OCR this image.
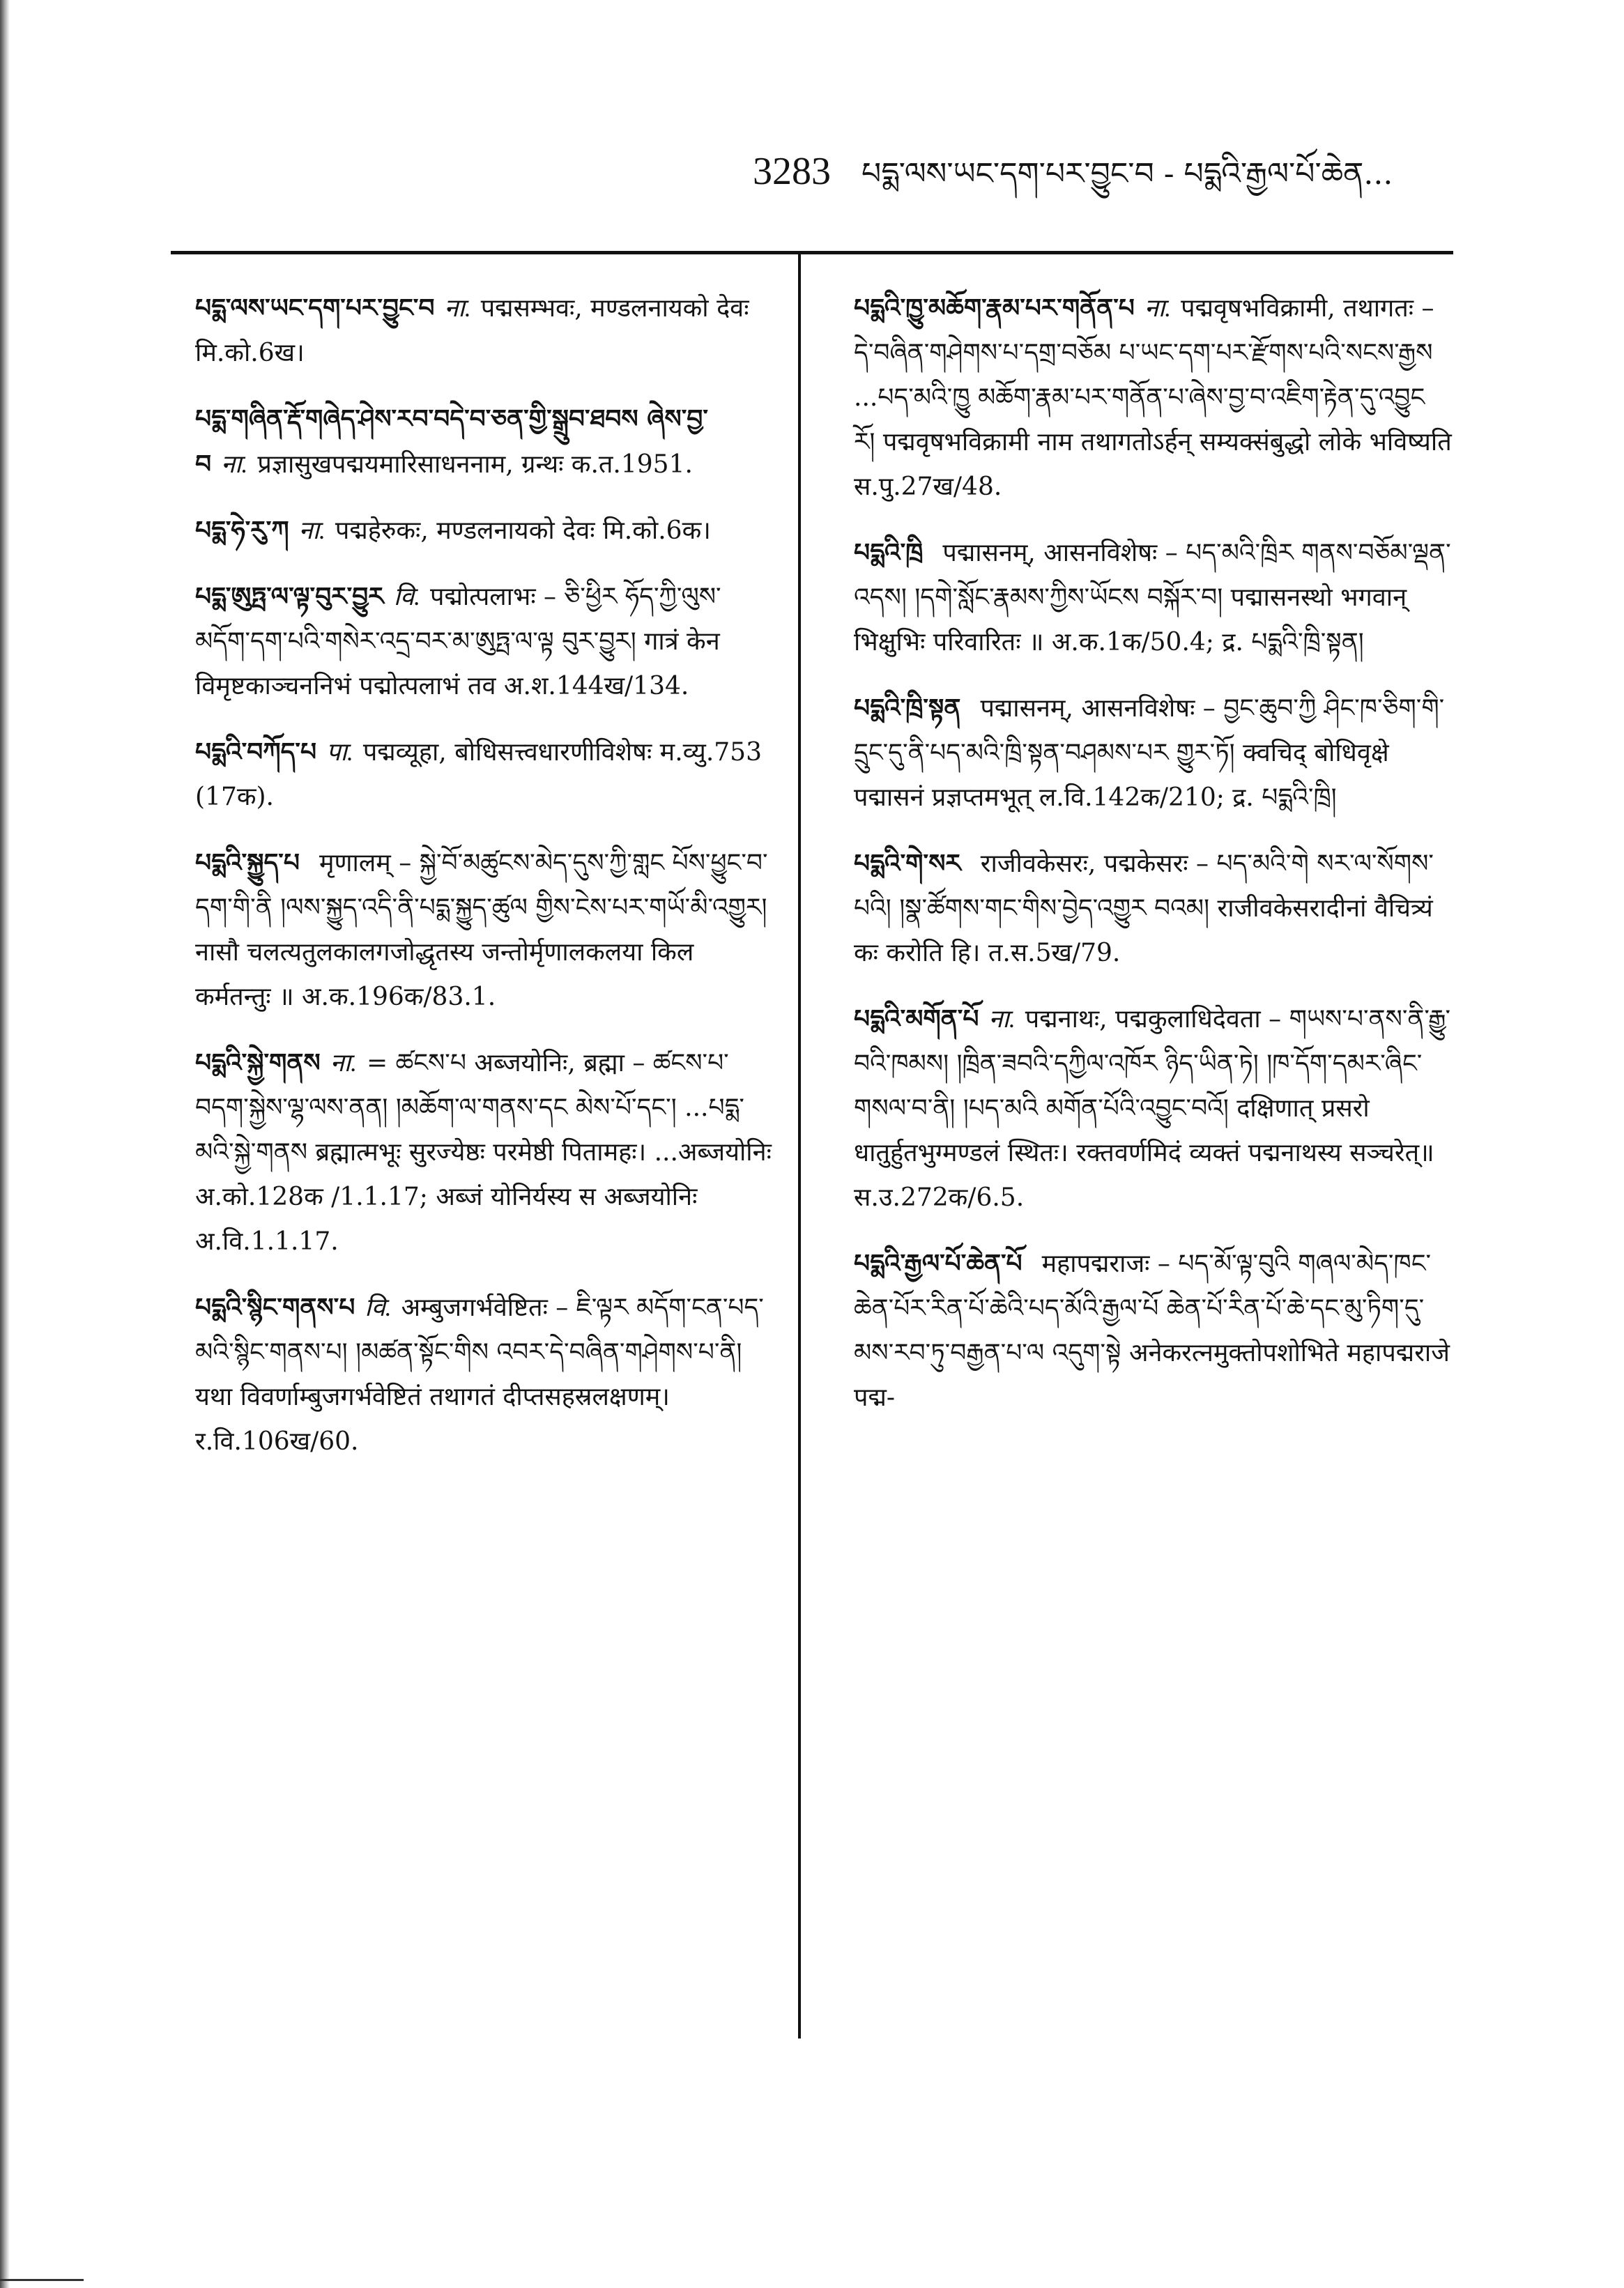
3283 པདྨ་ལས་ཡང་དག་པར་བྱུང་བ - པདྨའི་རྒྱལ་པོ་ཆེན...

པདྨ་ལས་ཡང་དག་པར་བྱུང་བ ना. पद्मसम्भवः, मण्डलनायको देवः मि.को.6ख।

པདྨ་གཞིན་རྡོ་གཞེད་ཤེས་རབ་བདེ་བ་ཅན་གྱི་སྒྲུབ་ཐབས ཞེས་བྱ་བ ना. प्रज्ञासुखपद्मयमारिसाधननाम, ग्रन्थः क.त.1951.

པདྨ་ཧེ་རུ་ཀ ना. पद्महेरुकः, मण्डलनायको देवः मि.को.6क।

པདྨ་ཨུཏྤ་ལ་ལྟ་བུར་བྱུར वि. पद्मोत्पलाभः – ཅི་ཕྱིར ཧོད་ཀྱི་ལུས་མདོག་དག་པའི་གསེར་འདྲ་བར་མ་ཨུཏྤ་ལ་ལྟ བུར་བྱུར། गात्रं केन विमृष्टकाञ्चननिभं पद्मोत्पलाभं तव अ.श.144ख/134.

པདྨའི་བཀོད་པ पा. पद्मव्यूहा, बोधिसत्त्वधारणीविशेषः म.व्यु.753 (17क).

པདྨའི་སྐྱུད་པ मृणालम् – སྐྱེ་བོ་མཚུངས་མེད་དུས་ཀྱི་གླང པོས་ཕྱུང་བ་དག་གི་ནི །ལས་སྐྱུད་འདི་ནི་པདྨ་སྐྱུད་ཚུལ གྱིས་ངེས་པར་གཡོ་མི་འགྱུར། नासौ चलत्यतुलकालगजोद्धृतस्य जन्तोर्मृणालकलया किल कर्मतन्तुः ॥ अ.क.196क/83.1.

པདྨའི་སྐྱེ་གནས ना. = ཚངས་པ अब्जयोनिः, ब्रह्मा – ཚངས་པ་བདག་སྐྱེས་ལྷ་ལས་ནན། །མཆོག་ལ་གནས་དང མེས་པོ་དང་། ...པདྨ་མའི་སྐྱེ་གནས ब्रह्मात्मभूः सुरज्येष्ठः परमेष्ठी पितामहः। ...अब्जयोनिः अ.को.128क /1.1.17; अब्जं योनिर्यस्य स अब्जयोनिः अ.वि.1.1.17.

པདྨའི་སྙིང་གནས་པ वि. अम्बुजगर्भवेष्टितः – ཇི་ལྟར མདོག་ངན་པད་མའི་སྙིང་གནས་པ། །མཚན་སྟོང་གིས འབར་དེ་བཞིན་གཤེགས་པ་ནི། यथा विवर्णाम्बुजगर्भवेष्टितं तथागतं दीप्तसहस्रलक्षणम्। र.वि.106ख/60.

པདྨའི་ཁྱུ་མཆོག་རྣམ་པར་གནོན་པ ना. पद्मवृषभविक्रामी, तथागतः – དེ་བཞིན་གཤེགས་པ་དགྲ་བཅོམ པ་ཡང་དག་པར་རྫོགས་པའི་སངས་རྒྱས ...པད་མའི་ཁྱུ མཆོག་རྣམ་པར་གནོན་པ་ཞེས་བྱ་བ་འཇིག་རྟེན་དུ་འབྱུང རོ། पद्मवृषभविक्रामी नाम तथागतोऽर्हन् सम्यक्संबुद्धो लोके भविष्यति स.पु.27ख/48.

པདྨའི་ཁྲི पद्मासनम्, आसनविशेषः – པད་མའི་ཁྲིར གནས་བཅོམ་ལྡན་འདས། །དགེ་སློང་རྣམས་ཀྱིས་ཡོངས བསྐོར་བ། पद्मासनस्थो भगवान् भिक्षुभिः परिवारितः ॥ अ.क.1क/50.4; द्र. པདྨའི་ཁྲི་སྟན།

པདྨའི་ཁྲི་སྟན पद्मासनम्, आसनविशेषः – བྱང་ཆུབ་ཀྱི ཤིང་ཁ་ཅིག་གི་དྲུང་དུ་ནི་པད་མའི་ཁྲི་སྟན་བཤམས་པར གྱུར་ཏོ། क्वचिद् बोधिवृक्षे पद्मासनं प्रज्ञप्तमभूत् ल.वि.142क/210; द्र. པདྨའི་ཁྲི།

པདྨའི་གེ་སར राजीवकेसरः, पद्मकेसरः – པད་མའི་གེ སར་ལ་སོགས་པའི། །སྣ་ཚོགས་གང་གིས་བྱེད་འགྱུར བའམ། राजीवकेसरादीनां वैचित्र्यं कः करोति हि। त.स.5ख/79.

པདྨའི་མགོན་པོ ना. पद्मनाथः, पद्मकुलाधिदेवता – གཡས་པ་ནས་ནི་རྒྱུ་བའི་ཁམས། །ཁྲིན་ཟབའི་དཀྱིལ་འཁོར ཉིད་ཡིན་ཏེ། །ཁ་དོག་དམར་ཞིང་གསལ་བ་ནི། །པད་མའི མགོན་པོའི་འབྱུང་བའོ། दक्षिणात् प्रसरो धातुर्हुतभुग्मण्डलं स्थितः। रक्तवर्णमिदं व्यक्तं पद्मनाथस्य सञ्चरेत्॥ स.उ.272क/6.5.

པདྨའི་རྒྱལ་པོ་ཆེན་པོ महापद्मराजः – པད་མོ་ལྟ་བུའི གཞལ་མེད་ཁང་ཆེན་པོར་རིན་པོ་ཆེའི་པད་མོའི་རྒྱལ་པོ ཆེན་པོ་རིན་པོ་ཆེ་དང་མུ་ཏིག་དུ་མས་རབ་ཏུ་བརྒྱན་པ་ལ འདུག་སྟེ अनेकरत्नमुक्तोपशोभिते महापद्मराजे पद्म-
